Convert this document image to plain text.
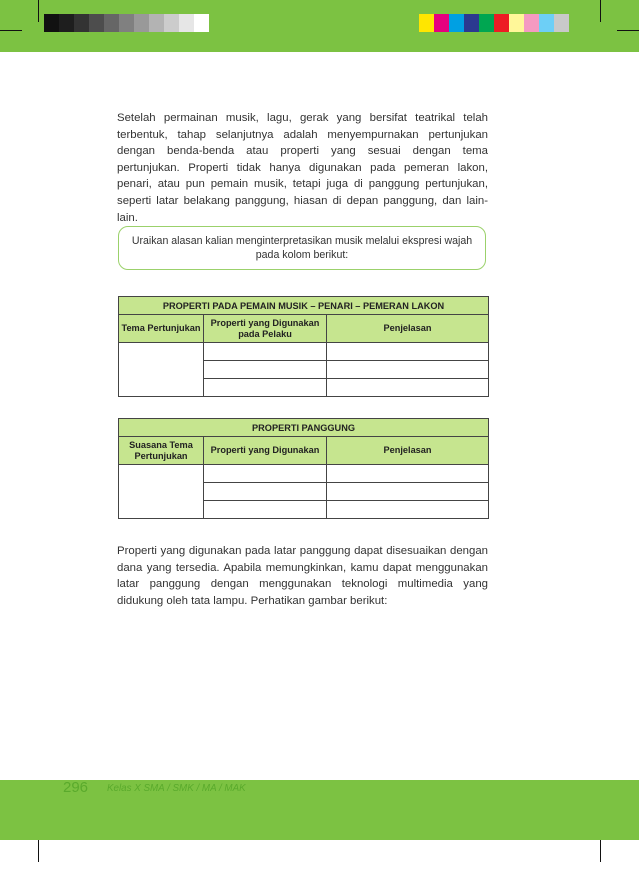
Setelah permainan musik, lagu, gerak yang bersifat teatrikal telah terbentuk, tahap selanjutnya adalah menyempurnakan pertunjukan dengan benda-benda atau properti yang sesuai dengan tema pertunjukan. Properti tidak hanya digunakan pada pemeran lakon, penari, atau pun pemain musik, tetapi juga di panggung pertunjukan, seperti latar belakang panggung, hiasan di depan panggung, dan lain-lain.

Uraikan alasan kalian menginterpretasikan musik melalui ekspresi wajah pada kolom berikut:
PROPERTI PADA PEMAIN MUSIK – PENARI – PEMERAN LAKON		
Tema Pertunjukan	Properti yang Digunakan pada Pelaku	Penjelasan

PROPERTI PANGGUNG		
Suasana Tema Pertunjukan	Properti yang Digunakan	Penjelasan

Properti yang digunakan pada latar panggung dapat disesuaikan dengan dana yang tersedia. Apabila memungkinkan, kamu dapat menggunakan latar panggung dengan menggunakan teknologi multimedia yang didukung oleh tata lampu. Perhatikan gambar berikut:

296 Kelas X SMA / SMK / MA / MAK
